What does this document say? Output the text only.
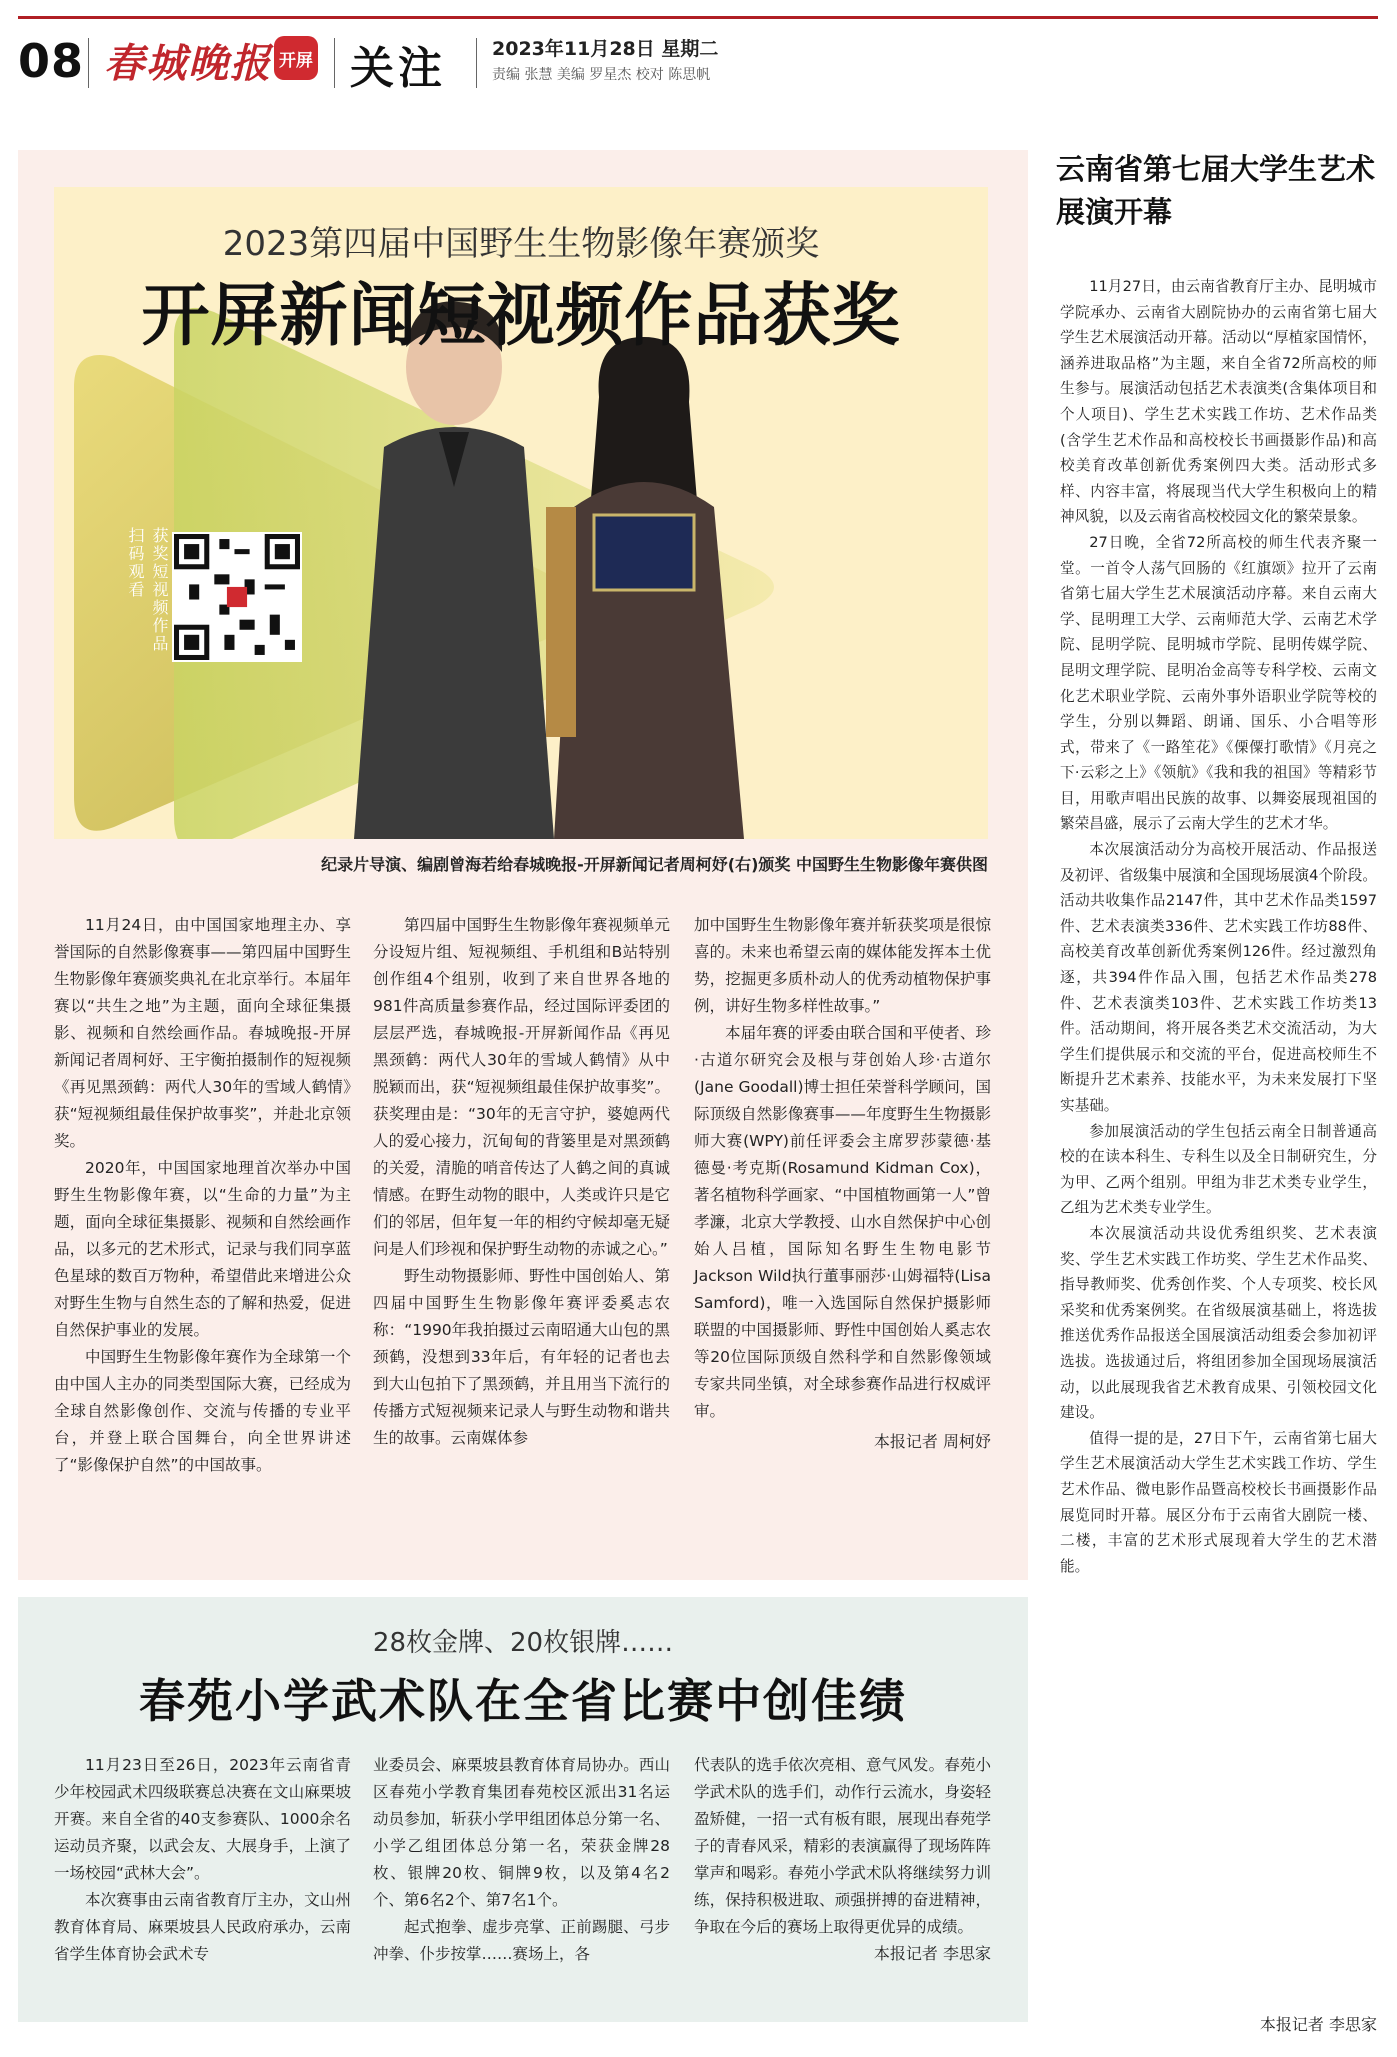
08 春城晚报 开屏 关注 2023年11月28日 星期二
责编 张慧 美编 罗星杰 校对 陈思帆
2023第四届中国野生生物影像年赛颁奖
开屏新闻短视频作品获奖
获奖短视频作品
扫码观看
纪录片导演、编剧曾海若给春城晚报-开屏新闻记者周柯妤(右)颁奖 中国野生生物影像年赛供图

11月24日，由中国国家地理主办、享誉国际的自然影像赛事——第四届中国野生生物影像年赛颁奖典礼在北京举行。本届年赛以“共生之地”为主题，面向全球征集摄影、视频和自然绘画作品。春城晚报-开屏新闻记者周柯妤、王宇衡拍摄制作的短视频《再见黑颈鹤：两代人30年的雪域人鹤情》获“短视频组最佳保护故事奖”，并赴北京领奖。

2020年，中国国家地理首次举办中国野生生物影像年赛，以“生命的力量”为主题，面向全球征集摄影、视频和自然绘画作品，以多元的艺术形式，记录与我们同享蓝色星球的数百万物种，希望借此来增进公众对野生生物与自然生态的了解和热爱，促进自然保护事业的发展。

中国野生生物影像年赛作为全球第一个由中国人主办的同类型国际大赛，已经成为全球自然影像创作、交流与传播的专业平台，并登上联合国舞台，向全世界讲述了“影像保护自然”的中国故事。

第四届中国野生生物影像年赛视频单元分设短片组、短视频组、手机组和B站特别创作组4个组别，收到了来自世界各地的981件高质量参赛作品，经过国际评委团的层层严选，春城晚报-开屏新闻作品《再见黑颈鹤：两代人30年的雪域人鹤情》从中脱颖而出，获“短视频组最佳保护故事奖”。获奖理由是：“30年的无言守护，婆媳两代人的爱心接力，沉甸甸的背篓里是对黑颈鹤的关爱，清脆的哨音传达了人鹤之间的真诚情感。在野生动物的眼中，人类或许只是它们的邻居，但年复一年的相约守候却毫无疑问是人们珍视和保护野生动物的赤诚之心。”

野生动物摄影师、野性中国创始人、第四届中国野生生物影像年赛评委奚志农称：“1990年我拍摄过云南昭通大山包的黑颈鹤，没想到33年后，有年轻的记者也去到大山包拍下了黑颈鹤，并且用当下流行的传播方式短视频来记录人与野生动物和谐共生的故事。云南媒体参

加中国野生生物影像年赛并斩获奖项是很惊喜的。未来也希望云南的媒体能发挥本土优势，挖掘更多质朴动人的优秀动植物保护事例，讲好生物多样性故事。”

本届年赛的评委由联合国和平使者、珍·古道尔研究会及根与芽创始人珍·古道尔(Jane Goodall)博士担任荣誉科学顾问，国际顶级自然影像赛事——年度野生生物摄影师大赛(WPY)前任评委会主席罗莎蒙德·基德曼·考克斯(Rosamund Kidman Cox)，著名植物科学画家、“中国植物画第一人”曾孝濂，北京大学教授、山水自然保护中心创始人吕植，国际知名野生生物电影节Jackson Wild执行董事丽莎·山姆福特(Lisa Samford)，唯一入选国际自然保护摄影师联盟的中国摄影师、野性中国创始人奚志农等20位国际顶级自然科学和自然影像领域专家共同坐镇，对全球参赛作品进行权威评审。

本报记者 周柯妤
28枚金牌、20枚银牌……
春苑小学武术队在全省比赛中创佳绩

11月23日至26日，2023年云南省青少年校园武术四级联赛总决赛在文山麻栗坡开赛。来自全省的40支参赛队、1000余名运动员齐聚，以武会友、大展身手，上演了一场校园“武林大会”。

本次赛事由云南省教育厅主办，文山州教育体育局、麻栗坡县人民政府承办，云南省学生体育协会武术专

业委员会、麻栗坡县教育体育局协办。西山区春苑小学教育集团春苑校区派出31名运动员参加，斩获小学甲组团体总分第一名、小学乙组团体总分第一名，荣获金牌28枚、银牌20枚、铜牌9枚，以及第4名2个、第6名2个、第7名1个。

起式抱拳、虚步亮掌、正前踢腿、弓步冲拳、仆步按掌……赛场上，各

代表队的选手依次亮相、意气风发。春苑小学武术队的选手们，动作行云流水，身姿轻盈矫健，一招一式有板有眼，展现出春苑学子的青春风采，精彩的表演赢得了现场阵阵掌声和喝彩。春苑小学武术队将继续努力训练，保持积极进取、顽强拼搏的奋进精神，争取在今后的赛场上取得更优异的成绩。

本报记者 李思家
云南省第七届大学生艺术展演开幕

11月27日，由云南省教育厅主办、昆明城市学院承办、云南省大剧院协办的云南省第七届大学生艺术展演活动开幕。活动以“厚植家国情怀，涵养进取品格”为主题，来自全省72所高校的师生参与。展演活动包括艺术表演类(含集体项目和个人项目)、学生艺术实践工作坊、艺术作品类(含学生艺术作品和高校校长书画摄影作品)和高校美育改革创新优秀案例四大类。活动形式多样、内容丰富，将展现当代大学生积极向上的精神风貌，以及云南省高校校园文化的繁荣景象。

27日晚，全省72所高校的师生代表齐聚一堂。一首令人荡气回肠的《红旗颂》拉开了云南省第七届大学生艺术展演活动序幕。来自云南大学、昆明理工大学、云南师范大学、云南艺术学院、昆明学院、昆明城市学院、昆明传媒学院、昆明文理学院、昆明冶金高等专科学校、云南文化艺术职业学院、云南外事外语职业学院等校的学生，分别以舞蹈、朗诵、国乐、小合唱等形式，带来了《一路笙花》《傈僳打歌情》《月亮之下·云彩之上》《领航》《我和我的祖国》等精彩节目，用歌声唱出民族的故事、以舞姿展现祖国的繁荣昌盛，展示了云南大学生的艺术才华。

本次展演活动分为高校开展活动、作品报送及初评、省级集中展演和全国现场展演4个阶段。活动共收集作品2147件，其中艺术作品类1597件、艺术表演类336件、艺术实践工作坊88件、高校美育改革创新优秀案例126件。经过激烈角逐，共394件作品入围，包括艺术作品类278件、艺术表演类103件、艺术实践工作坊类13件。活动期间，将开展各类艺术交流活动，为大学生们提供展示和交流的平台，促进高校师生不断提升艺术素养、技能水平，为未来发展打下坚实基础。

参加展演活动的学生包括云南全日制普通高校的在读本科生、专科生以及全日制研究生，分为甲、乙两个组别。甲组为非艺术类专业学生，乙组为艺术类专业学生。

本次展演活动共设优秀组织奖、艺术表演奖、学生艺术实践工作坊奖、学生艺术作品奖、指导教师奖、优秀创作奖、个人专项奖、校长风采奖和优秀案例奖。在省级展演基础上，将选拔推送优秀作品报送全国展演活动组委会参加初评选拔。选拔通过后，将组团参加全国现场展演活动，以此展现我省艺术教育成果、引领校园文化建设。

值得一提的是，27日下午，云南省第七届大学生艺术展演活动大学生艺术实践工作坊、学生艺术作品、微电影作品暨高校校长书画摄影作品展览同时开幕。展区分布于云南省大剧院一楼、二楼，丰富的艺术形式展现着大学生的艺术潜能。

本报记者 李思家
